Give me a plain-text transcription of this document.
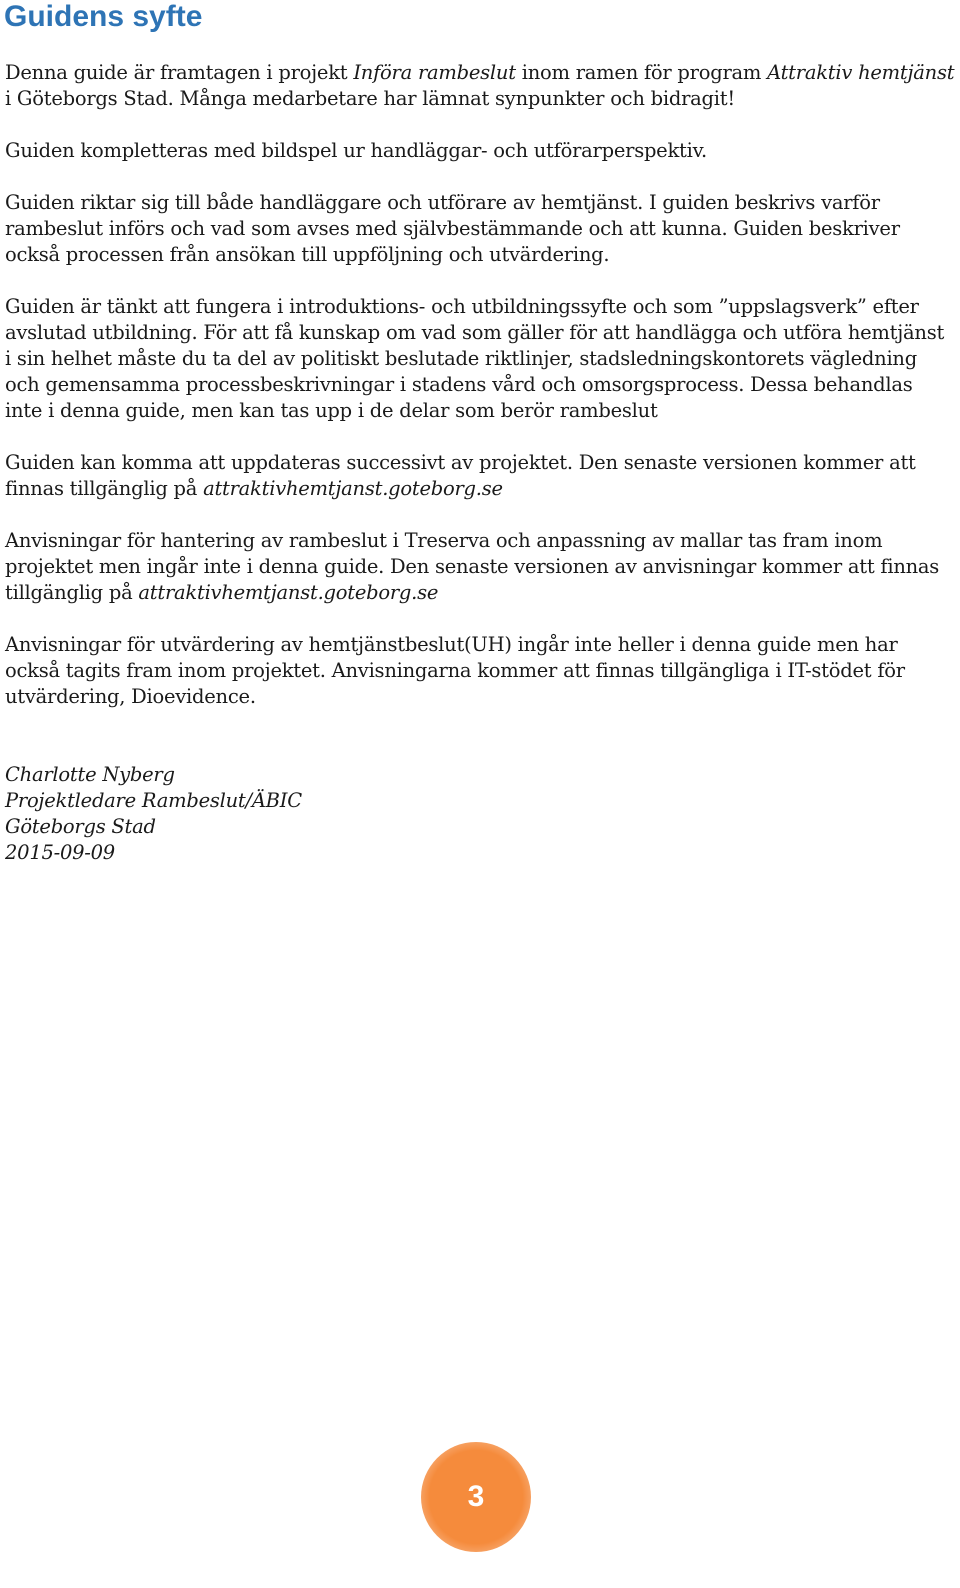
Guidens syfte

Denna guide är framtagen i projekt Införa rambeslut inom ramen för program Attraktiv hemtjänst i Göteborgs Stad. Många medarbetare har lämnat synpunkter och bidragit!

Guiden kompletteras med bildspel ur handläggar- och utförarperspektiv.

Guiden riktar sig till både handläggare och utförare av hemtjänst. I guiden beskrivs varför rambeslut införs och vad som avses med självbestämmande och att kunna. Guiden beskriver också processen från ansökan till uppföljning och utvärdering.

Guiden är tänkt att fungera i introduktions- och utbildningssyfte och som ”uppslagsverk” efter avslutad utbildning. För att få kunskap om vad som gäller för att handlägga och utföra hemtjänst i sin helhet måste du ta del av politiskt beslutade riktlinjer, stadsledningskontorets vägledning och gemensamma processbeskrivningar i stadens vård och omsorgsprocess. Dessa behandlas inte i denna guide, men kan tas upp i de delar som berör rambeslut

Guiden kan komma att uppdateras successivt av projektet. Den senaste versionen kommer att finnas tillgänglig på attraktivhemtjanst.goteborg.se

Anvisningar för hantering av rambeslut i Treserva och anpassning av mallar tas fram inom projektet men ingår inte i denna guide. Den senaste versionen av anvisningar kommer att finnas tillgänglig på attraktivhemtjanst.goteborg.se

Anvisningar för utvärdering av hemtjänstbeslut(UH) ingår inte heller i denna guide men har också tagits fram inom projektet. Anvisningarna kommer att finnas tillgängliga i IT-stödet för utvärdering, Dioevidence.

Charlotte Nyberg
Projektledare Rambeslut/ÄBIC
Göteborgs Stad
2015-09-09
3
